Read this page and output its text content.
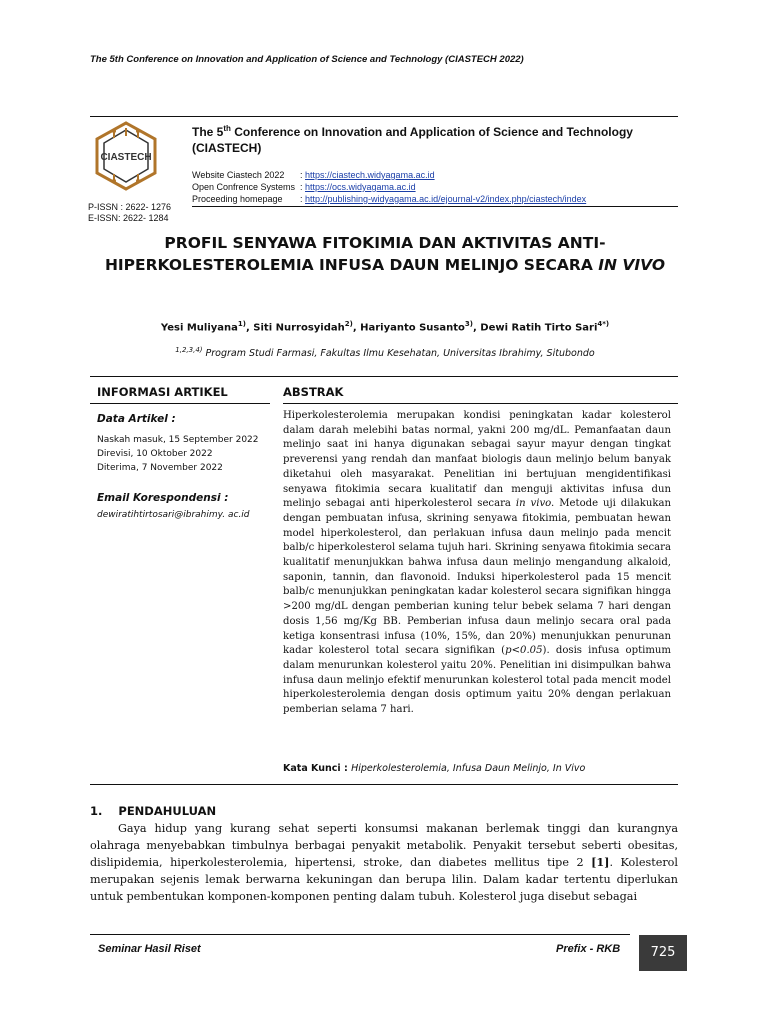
The 5th Conference on Innovation and Application of Science and Technology (CIASTECH 2022)
CIASTECH
P-ISSN : 2622- 1276
E-ISSN: 2622- 1284
The 5th Conference on Innovation and Application of Science and Technology (CIASTECH)
Website Ciastech 2022 : https://ciastech.widyagama.ac.id
Open Confrence Systems : https://ocs.widyagama.ac.id
Proceeding homepage : http://publishing-widyagama.ac.id/ejournal-v2/index.php/ciastech/index
PROFIL SENYAWA FITOKIMIA DAN AKTIVITAS ANTI-
HIPERKOLESTEROLEMIA INFUSA DAUN MELINJO SECARA IN VIVO
Yesi Muliyana$^{1)}$, Siti Nurrosyidah$^{2)}$, Hariyanto Susanto$^{3)}$, Dewi Ratih Tirto Sari$^{4*)}$
$^{1,2,3,4)}$ Program Studi Farmasi, Fakultas Ilmu Kesehatan, Universitas Ibrahimy, Situbondo
INFORMASI ARTIKEL	ABSTRAK
Data Artikel :
Naskah masuk, 15 September 2022
Direvisi, 10 Oktober 2022
Diterima, 7 November 2022
Email Korespondensi :
dewiratihtirtosari@ibrahimy. ac.id
Hiperkolesterolemia merupakan kondisi peningkatan kadar kolesterol dalam darah melebihi batas normal, yakni 200 mg/dL. Pemanfaatan daun melinjo saat ini hanya digunakan sebagai sayur mayur dengan tingkat preverensi yang rendah dan manfaat biologis daun melinjo belum banyak diketahui oleh masyarakat. Penelitian ini bertujuan mengidentifikasi senyawa fitokimia secara kualitatif dan menguji aktivitas infusa dun melinjo sebagai anti hiperkolesterol secara in vivo. Metode uji dilakukan dengan pembuatan infusa, skrining senyawa fitokimia, pembuatan hewan model hiperkolesterol, dan perlakuan infusa daun melinjo pada mencit balb/c hiperkolesterol selama tujuh hari. Skrining senyawa fitokimia secara kualitatif menunjukkan bahwa infusa daun melinjo mengandung alkaloid, saponin, tannin, dan flavonoid. Induksi hiperkolesterol pada 15 mencit balb/c menunjukkan peningkatan kadar kolesterol secara signifikan hingga >200 mg/dL dengan pemberian kuning telur bebek selama 7 hari dengan dosis 1,56 mg/Kg BB. Pemberian infusa daun melinjo secara oral pada ketiga konsentrasi infusa (10%, 15%, dan 20%) menunjukkan penurunan kadar kolesterol total secara signifikan (p<0.05). dosis infusa optimum dalam menurunkan kolesterol yaitu 20%. Penelitian ini disimpulkan bahwa infusa daun melinjo efektif menurunkan kolesterol total pada mencit model hiperkolesterolemia dengan dosis optimum yaitu 20% dengan perlakuan pemberian selama 7 hari.
Kata Kunci : Hiperkolesterolemia, Infusa Daun Melinjo, In Vivo
1.    PENDAHULUAN
Gaya hidup yang kurang sehat seperti konsumsi makanan berlemak tinggi dan kurangnya olahraga menyebabkan timbulnya berbagai penyakit metabolik. Penyakit tersebut seberti obesitas, dislipidemia, hiperkolesterolemia, hipertensi, stroke, dan diabetes mellitus tipe 2 [1]. Kolesterol merupakan sejenis lemak berwarna kekuningan dan berupa lilin. Dalam kadar tertentu diperlukan untuk pembentukan komponen-komponen penting dalam tubuh. Kolesterol juga disebut sebagai
Seminar Hasil Riset	Prefix - RKB	725
